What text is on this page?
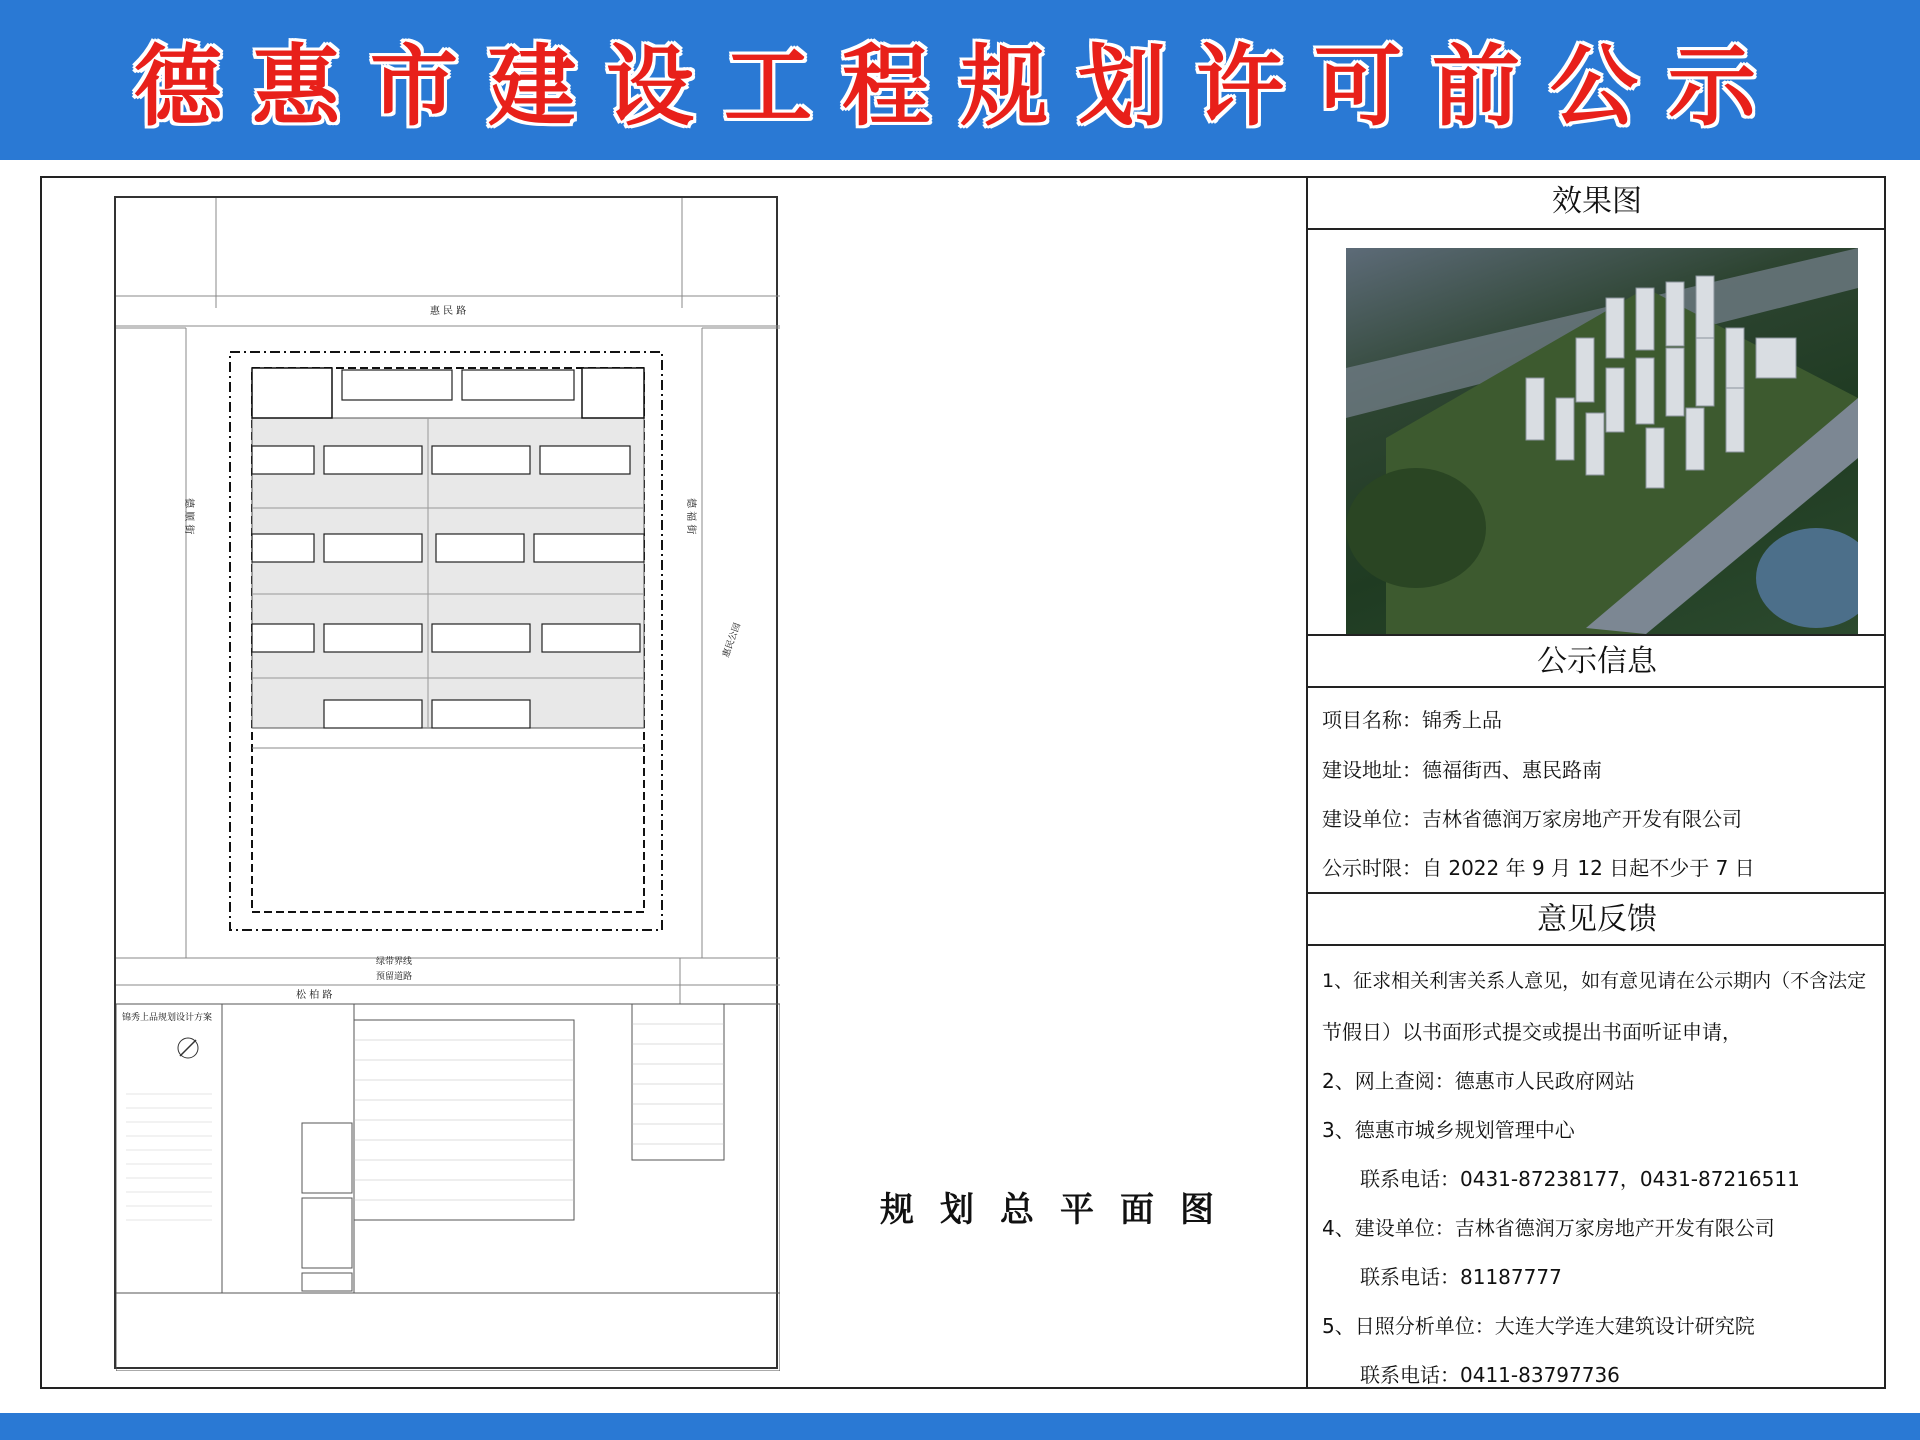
德惠市建设工程规划许可前公示
惠 民 路
松 柏 路
预留道路
绿带界线
德 顺 街	德 福 街
惠民公园
锦秀上品规划设计方案
规划总平面图
效果图
公示信息
项目名称：锦秀上品
建设地址：德福街西、惠民路南
建设单位：吉林省德润万家房地产开发有限公司
公示时限：自 2022 年 9 月 12 日起不少于 7 日
意见反馈
1、征求相关利害关系人意见，如有意见请在公示期内（不含法定
节假日）以书面形式提交或提出书面听证申请，
2、网上查阅：德惠市人民政府网站
3、德惠市城乡规划管理中心
联系电话：0431-87238177，0431-87216511
4、建设单位：吉林省德润万家房地产开发有限公司
联系电话：81187777
5、日照分析单位：大连大学连大建筑设计研究院
联系电话：0411-83797736
